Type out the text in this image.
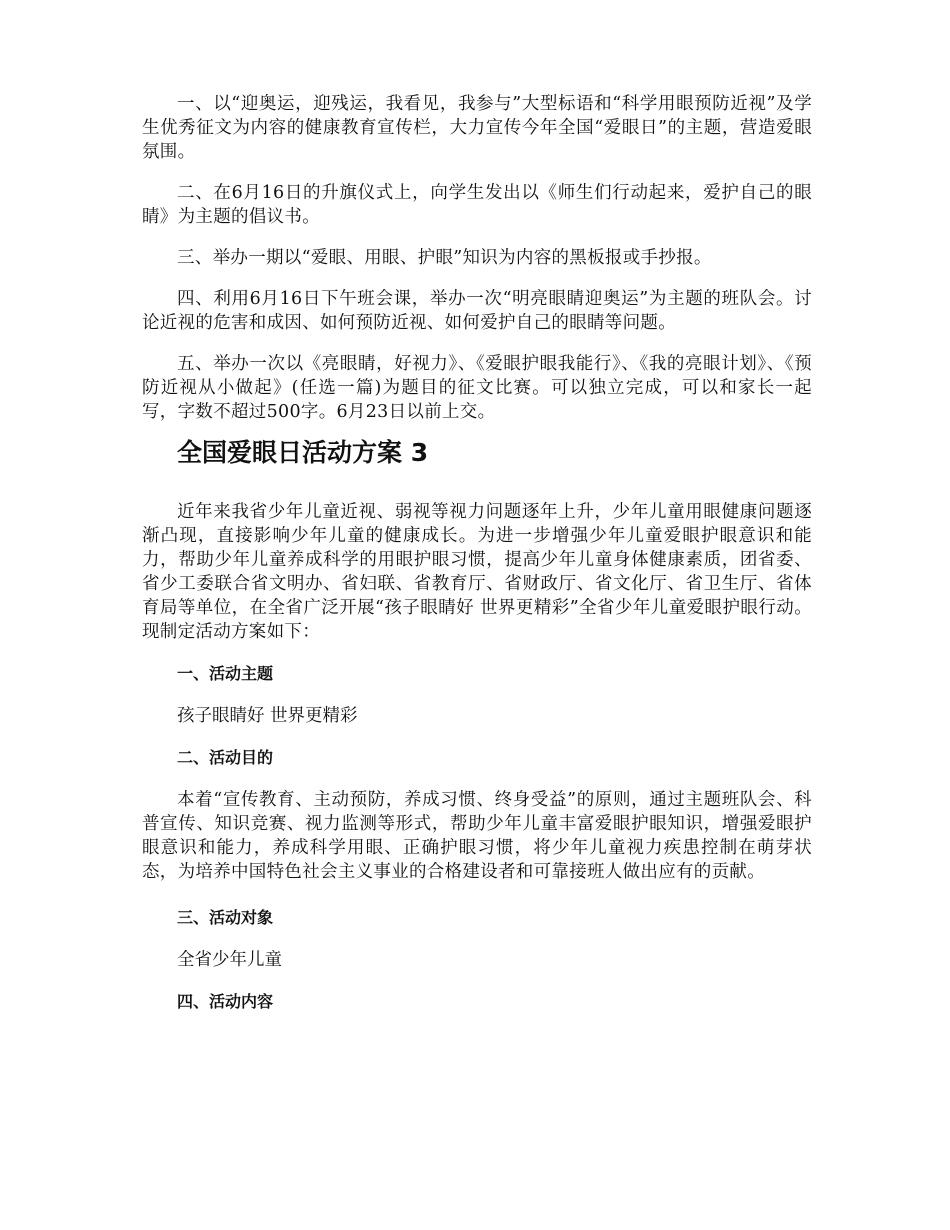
一、以“迎奥运，迎残运，我看见，我参与”大型标语和“科学用眼预防近视”及学生优秀征文为内容的健康教育宣传栏，大力宣传今年全国“爱眼日”的主题，营造爱眼氛围。

二、在6月16日的升旗仪式上，向学生发出以《师生们行动起来，爱护自己的眼睛》为主题的倡议书。

三、举办一期以“爱眼、用眼、护眼”知识为内容的黑板报或手抄报。

四、利用6月16日下午班会课，举办一次“明亮眼睛迎奥运”为主题的班队会。讨论近视的危害和成因、如何预防近视、如何爱护自己的眼睛等问题。

五、举办一次以《亮眼睛，好视力》、《爱眼护眼我能行》、《我的亮眼计划》、《预防近视从小做起》(任选一篇)为题目的征文比赛。可以独立完成，可以和家长一起写，字数不超过500字。6月23日以前上交。

全国爱眼日活动方案 3

近年来我省少年儿童近视、弱视等视力问题逐年上升，少年儿童用眼健康问题逐渐凸现，直接影响少年儿童的健康成长。为进一步增强少年儿童爱眼护眼意识和能力，帮助少年儿童养成科学的用眼护眼习惯，提高少年儿童身体健康素质，团省委、省少工委联合省文明办、省妇联、省教育厅、省财政厅、省文化厅、省卫生厅、省体育局等单位，在全省广泛开展“孩子眼睛好 世界更精彩”全省少年儿童爱眼护眼行动。现制定活动方案如下：

一、活动主题

孩子眼睛好 世界更精彩

二、活动目的

本着“宣传教育、主动预防，养成习惯、终身受益”的原则，通过主题班队会、科普宣传、知识竞赛、视力监测等形式，帮助少年儿童丰富爱眼护眼知识，增强爱眼护眼意识和能力，养成科学用眼、正确护眼习惯，将少年儿童视力疾患控制在萌芽状态，为培养中国特色社会主义事业的合格建设者和可靠接班人做出应有的贡献。

三、活动对象

全省少年儿童

四、活动内容
